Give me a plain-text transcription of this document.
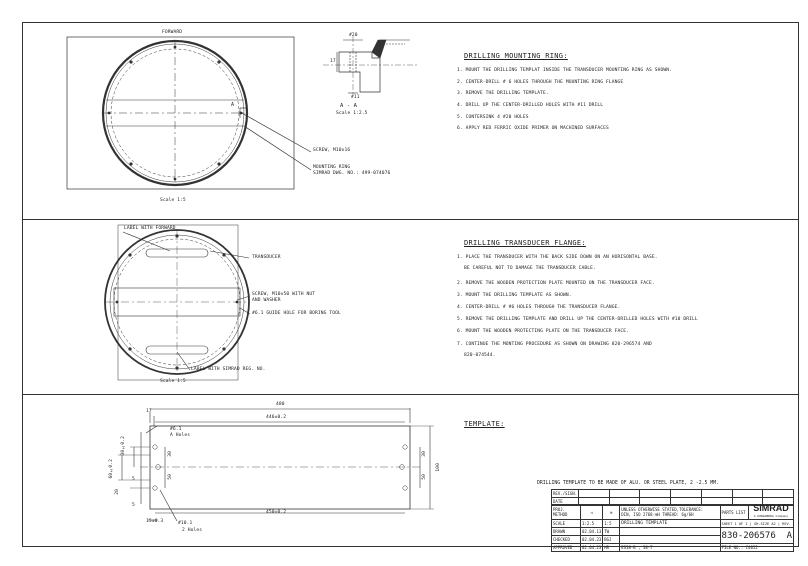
FORWARD
A
SCREW, M10x16
MOUNTING RING
SIMRAD DWG. NO.: 499-074076
Scale 1:5
#20
17
#11
A - A
Scale 1:2.5
DRILLING MOUNTING RING:
1. MOUNT THE DRILLING TEMPLAT INSIDE THE TRANSDUCER MOUNTING RING AS SHOWN.
2. CENTER-DRILL # 6 HOLES THROUGH THE MOUNTING RING FLANGE
3. REMOVE THE DRILLING TEMPLATE.
4. DRILL UP THE CENTER-DRILLED HOLES WITH #11 DRILL
5. CONTERSINK 4 #20 HOLES
6. APPLY RED FERRIC OXIDE PRIMER ON MACHINED SURFACES
LABEL WITH FORWARD
TRANSDUCER
SCREW, M10x50 WITH NUT
AND WASHER
#6.1 GUIDE HOLE FOR BORING TOOL
LABEL WITH SIMRAD REG. NO.
Scale 1:5
DRILLING TRANSDUCER FLANGE:
1. PLACE THE TRANSDUCER WITH THE BACK SIDE DOWN ON AN HORISONTAL BASE.
BE CAREFUL NOT TO DAMAGE THE TRANSDUCER CABLE.
2. REMOVE THE WOODEN PROTECTION PLATE MOUNTED ON THE TRANSDUCER FACE.
3. MOUNT THE DRILLING TEMPLATE AS SHOWN.
4. CENTER-DRILL # #6 HOLES THROUGH THE TRANSDUCER FLANGE.
5. REMOVE THE DRILLING TEMPLATE AND DRILL UP THE CENTER-DRILLED HOLES WITH #10 DRILL
6. MOUNT THE WOODEN PROTECTING PLATE ON THE TRANSDUCER FACE.
7. CONTINUE THE MONTING PROCEDURE AS SHOWN ON DRAWING 820-296574 AND
820-074544.
TEMPLATE:
480
446±0.2
450±0.2
17
#6.1
A Holes
30±0.2
60±0.2
20
5
5
15±0.3	#10.1
2 Holes
100
30
50
30
50
DRILLING TEMPLATE TO BE MADE OF ALU. OR STEEL PLATE, 2 -2.5 MM.
REV./SIGN.							
DATE							
PROJ.
METHOD	◁	⊕	UNLESS OTHERWISE STATED,TOLERANCE:
DIN, ISO 2768-mH THREAD: 6g/6H	PARTS LIST	SIMRAD
A KONGSBERG Company
SCALE	1:2.5	1:5	DRILLING TEMPLATE	SHEET 1 OF 1 | SH.SIZE A2 | REV.	
DRAWN	02.04.13	TW		830-206576 A	
CHECKED	02.04.23	BGJ			
APPROVED	02.04.23	HR	ES38-B , 38-7	FILE NO.: C4052	
